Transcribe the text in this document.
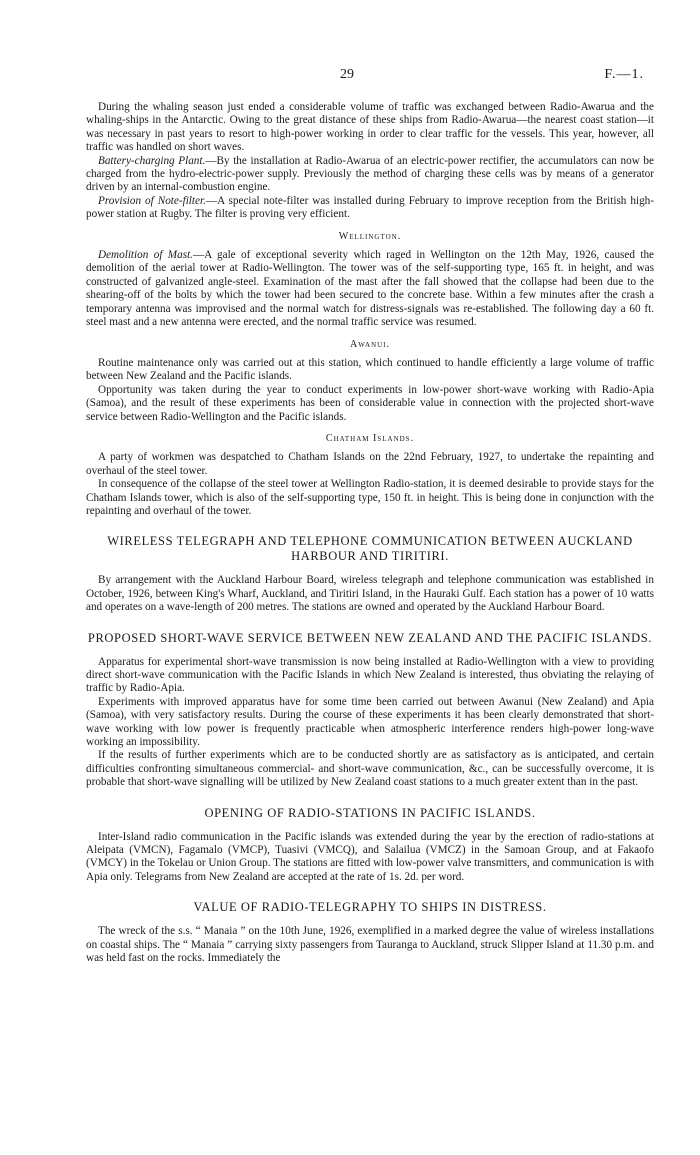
29	F.—1.

During the whaling season just ended a considerable volume of traffic was exchanged between Radio-Awarua and the whaling-ships in the Antarctic. Owing to the great distance of these ships from Radio-Awarua—the nearest coast station—it was necessary in past years to resort to high-power working in order to clear traffic for the vessels. This year, however, all traffic was handled on short waves.

Battery-charging Plant.—By the installation at Radio-Awarua of an electric-power rectifier, the accumulators can now be charged from the hydro-electric-power supply. Previously the method of charging these cells was by means of a generator driven by an internal-combustion engine.

Provision of Note-filter.—A special note-filter was installed during February to improve reception from the British high-power station at Rugby. The filter is proving very efficient.

Wellington.

Demolition of Mast.—A gale of exceptional severity which raged in Wellington on the 12th May, 1926, caused the demolition of the aerial tower at Radio-Wellington. The tower was of the self-supporting type, 165 ft. in height, and was constructed of galvanized angle-steel. Examination of the mast after the fall showed that the collapse had been due to the shearing-off of the bolts by which the tower had been secured to the concrete base. Within a few minutes after the crash a temporary antenna was improvised and the normal watch for distress-signals was re-established. The following day a 60 ft. steel mast and a new antenna were erected, and the normal traffic service was resumed.

Awanui.

Routine maintenance only was carried out at this station, which continued to handle efficiently a large volume of traffic between New Zealand and the Pacific islands.

Opportunity was taken during the year to conduct experiments in low-power short-wave working with Radio-Apia (Samoa), and the result of these experiments has been of considerable value in connection with the projected short-wave service between Radio-Wellington and the Pacific islands.

Chatham Islands.

A party of workmen was despatched to Chatham Islands on the 22nd February, 1927, to undertake the repainting and overhaul of the steel tower.

In consequence of the collapse of the steel tower at Wellington Radio-station, it is deemed desirable to provide stays for the Chatham Islands tower, which is also of the self-supporting type, 150 ft. in height. This is being done in conjunction with the repainting and overhaul of the tower.

WIRELESS TELEGRAPH AND TELEPHONE COMMUNICATION BETWEEN AUCKLAND HARBOUR AND TIRITIRI.

By arrangement with the Auckland Harbour Board, wireless telegraph and telephone communication was established in October, 1926, between King's Wharf, Auckland, and Tiritiri Island, in the Hauraki Gulf. Each station has a power of 10 watts and operates on a wave-length of 200 metres. The stations are owned and operated by the Auckland Harbour Board.

PROPOSED SHORT-WAVE SERVICE BETWEEN NEW ZEALAND AND THE PACIFIC ISLANDS.

Apparatus for experimental short-wave transmission is now being installed at Radio-Wellington with a view to providing direct short-wave communication with the Pacific Islands in which New Zealand is interested, thus obviating the relaying of traffic by Radio-Apia.

Experiments with improved apparatus have for some time been carried out between Awanui (New Zealand) and Apia (Samoa), with very satisfactory results. During the course of these experiments it has been clearly demonstrated that short-wave working with low power is frequently practicable when atmospheric interference renders high-power long-wave working an impossibility.

If the results of further experiments which are to be conducted shortly are as satisfactory as is anticipated, and certain difficulties confronting simultaneous commercial- and short-wave communication, &c., can be successfully overcome, it is probable that short-wave signalling will be utilized by New Zealand coast stations to a much greater extent than in the past.

OPENING OF RADIO-STATIONS IN PACIFIC ISLANDS.

Inter-Island radio communication in the Pacific islands was extended during the year by the erection of radio-stations at Aleipata (VMCN), Fagamalo (VMCP), Tuasivi (VMCQ), and Salailua (VMCZ) in the Samoan Group, and at Fakaofo (VMCY) in the Tokelau or Union Group. The stations are fitted with low-power valve transmitters, and communication is with Apia only. Telegrams from New Zealand are accepted at the rate of 1s. 2d. per word.

VALUE OF RADIO-TELEGRAPHY TO SHIPS IN DISTRESS.

The wreck of the s.s. “ Manaia ” on the 10th June, 1926, exemplified in a marked degree the value of wireless installations on coastal ships. The “ Manaia ” carrying sixty passengers from Tauranga to Auckland, struck Slipper Island at 11.30 p.m. and was held fast on the rocks. Immediately the
